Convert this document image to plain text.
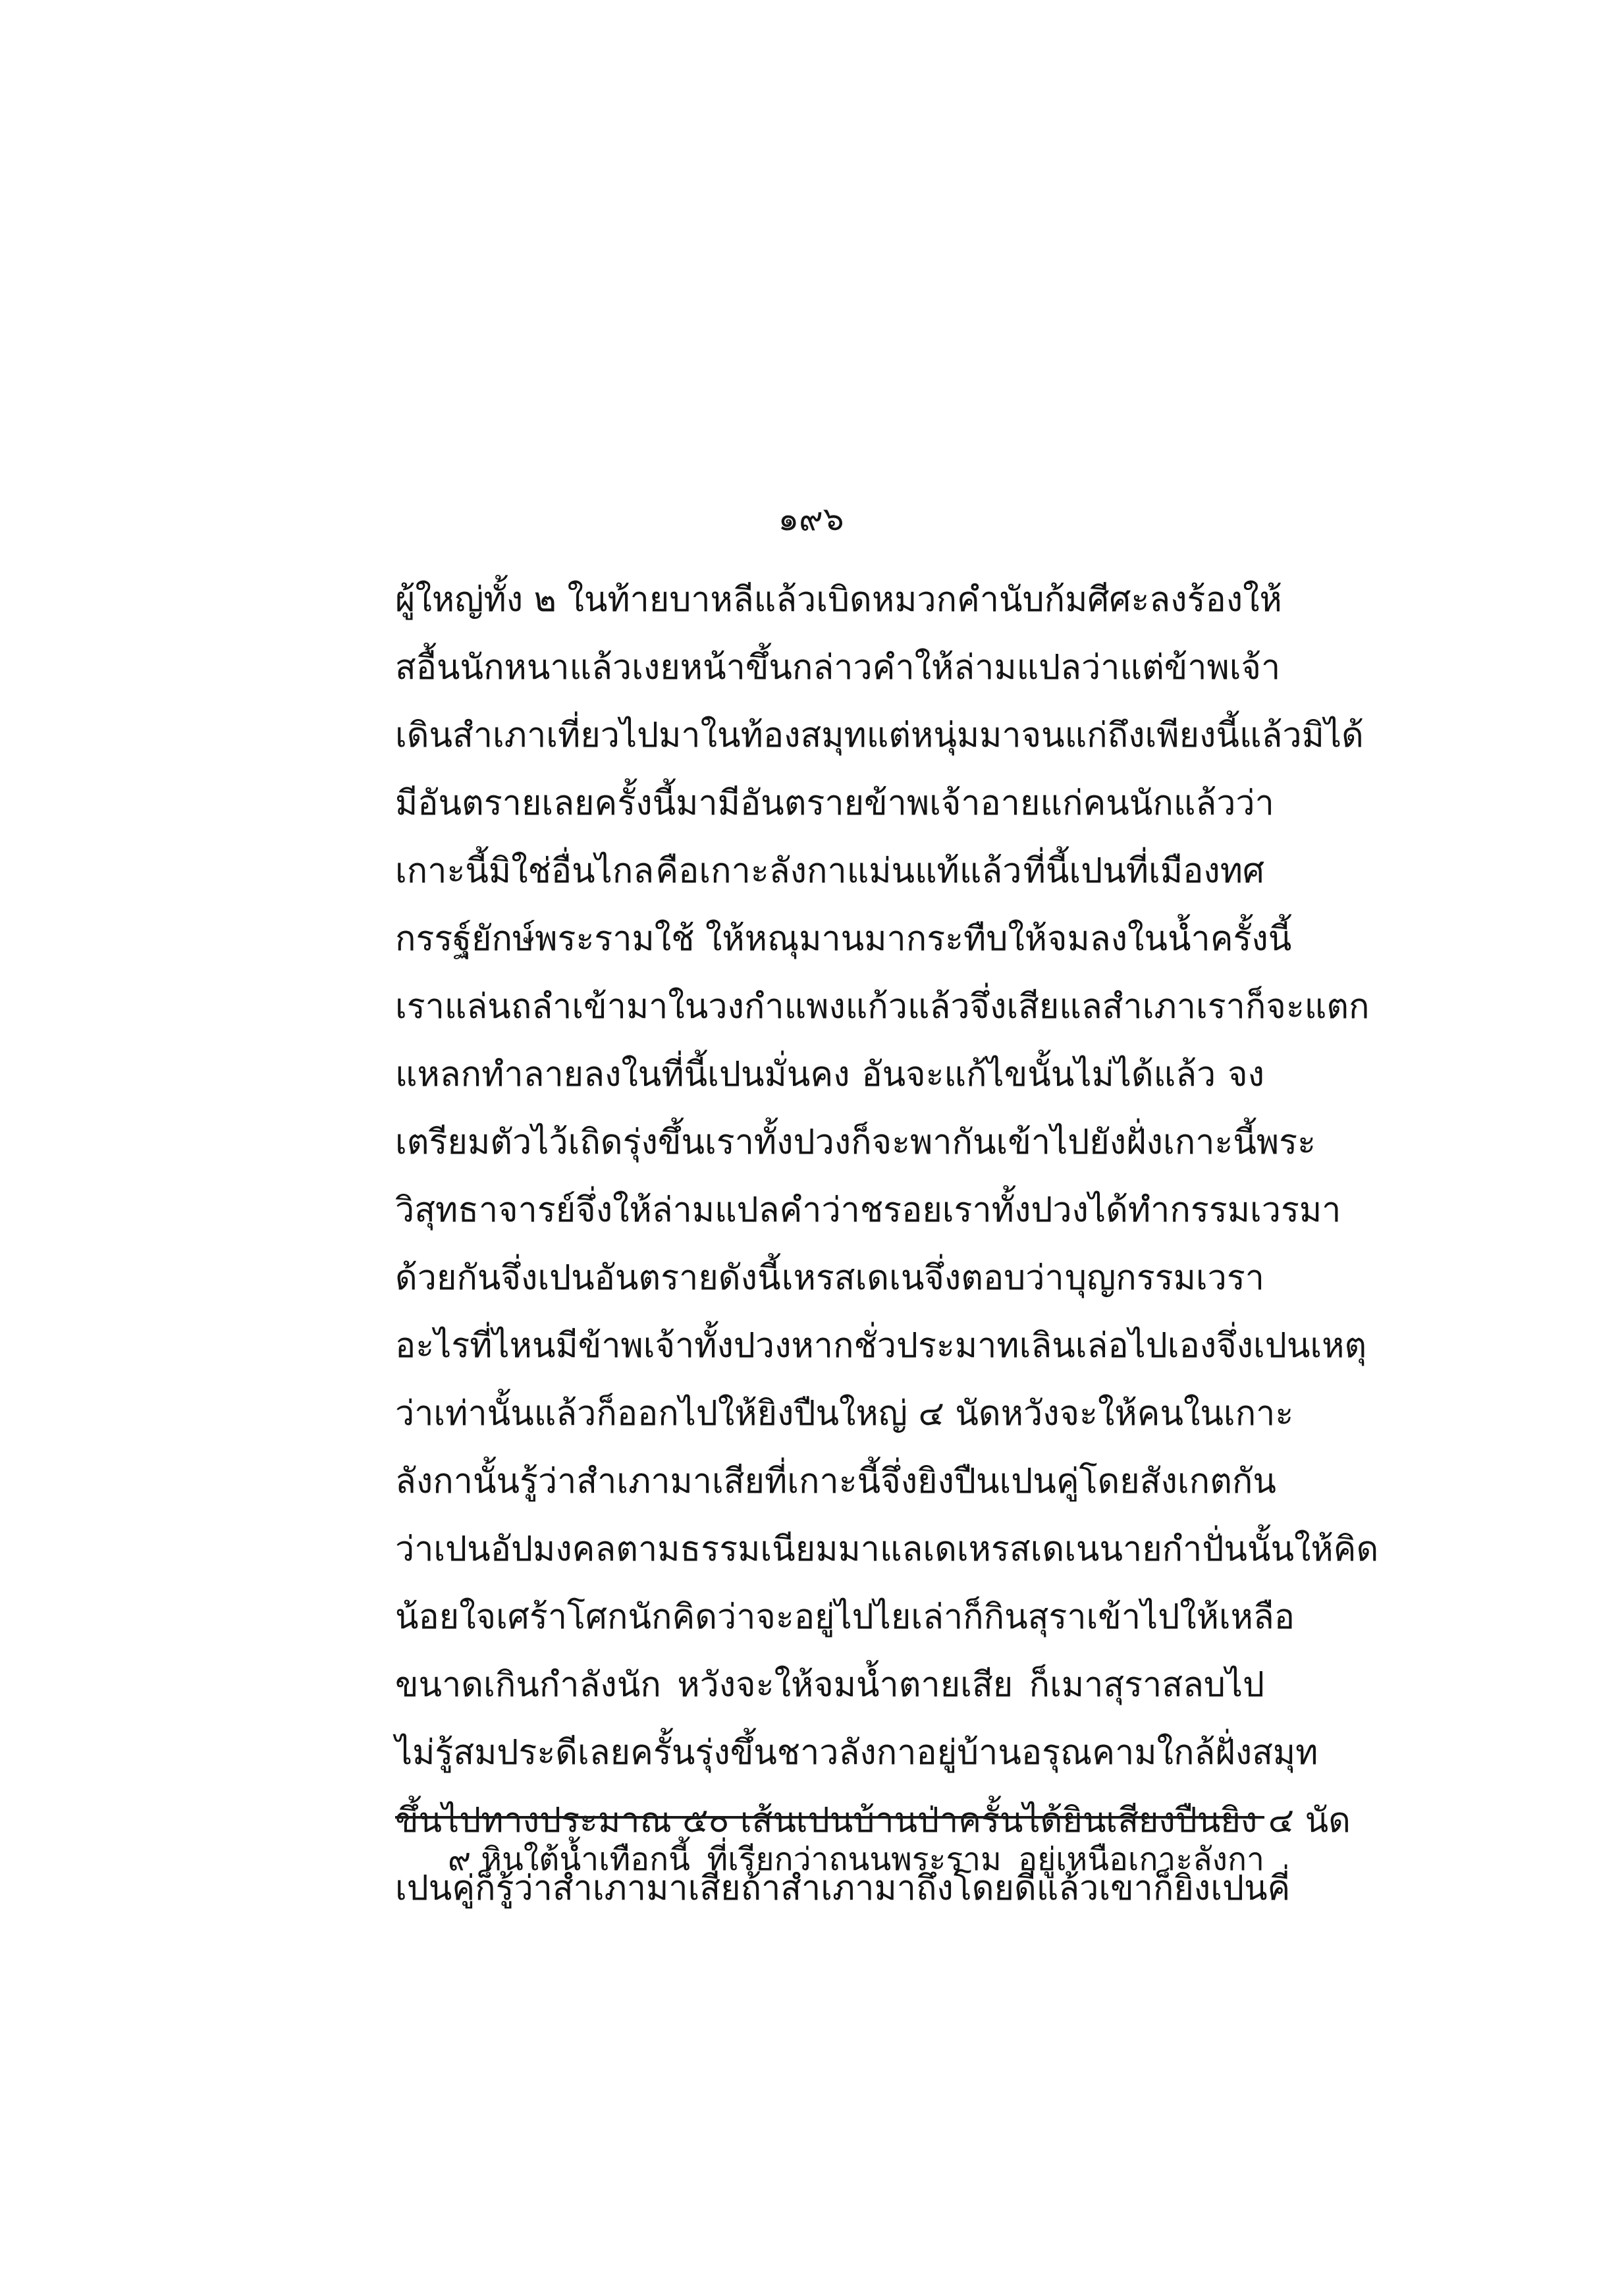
๑๙๖
ผู้ใหญ่ทั้ง ๒ ในท้ายบาหลีแล้ว เบิดหมวกคำนับก้มศีศะลงร้องให้
สอื้นนักหนา แล้วเงยหน้าขึ้นกล่าวคำให้ล่ามแปลว่า แต่ข้าพเจ้า
เดินสำเภาเที่ยวไปมาในท้องสมุทแต่หนุ่มมาจนแก่ถึงเพียงนี้แล้ว มิได้
มีอันตรายเลย ครั้งนี้มามีอันตรายข้าพเจ้าอายแก่คนนัก แล้วว่า
เกาะนี้มิใช่อื่นไกล คือเกาะลังกาแม่นแท้แล้ว ที่นี้เปนที่เมืองทศ
กรรฐ์ยักษ์ พระรามใช้ ให้หณุมานมากระทืบให้จมลงในน้ำครั้งนี้
เราแล่นถลำเข้ามาในวงกำแพงแก้วแล้วจึ่งเสีย แลสำเภาเราก็จะแตก
แหลกทำลายลงในที่นี้เปนมั่นคง อันจะแก้ไขนั้นไม่ได้แล้ว จง
เตรียมตัวไว้เถิด รุ่งขึ้นเราทั้งปวงก็จะพากันเข้าไปยังฝั่งเกาะนี้ พระ
วิสุทธาจารย์จึ่งให้ล่ามแปลคำว่า ชรอยเราทั้งปวงได้ทำกรรมเวรมา
ด้วยกันจึ่งเปนอันตรายดังนี้ เหรสเดเนจึ่งตอบว่า บุญกรรมเวรา
อะไรที่ไหนมี ข้าพเจ้าทั้งปวงหากชั่วประมาทเลินเล่อไปเองจึ่งเปนเหตุ
ว่าเท่านั้นแล้ว ก็ออกไปให้ยิงปืนใหญ่ ๔ นัด หวังจะให้คนในเกาะ
ลังกานั้นรู้ว่าสำเภามาเสียที่เกาะนี้ จึ่งยิงปืนเปนคู่ โดยสังเกตกัน
ว่าเปนอัปมงคลตามธรรมเนียมมา แลเดเหรสเดเนนายกำปั่นนั้นให้คิด
น้อยใจเศร้าโศกนัก คิดว่าจะอยู่ไปไยเล่า ก็กินสุราเข้าไปให้เหลือ
ขนาดเกินกำลังนัก หวังจะให้จมน้ำตายเสีย ก็เมาสุราสลบไป
ไม่รู้สมประดีเลย ครั้นรุ่งขึ้นชาวลังกาอยู่บ้านอรุณคามใกล้ฝั่งสมุท
ขึ้นไปทางประมาณ ๕๐ เส้นเปนบ้านป่า ครั้นได้ยินเสียงปืนยิง ๔ นัด
เปนคู่ ก็รู้ว่าสำเภามาเสีย ถ้าสำเภามาถึงโดยดีแล้วเขาก็ยิงเปนคี่
๙ หินใต้น้ำเทือกนี้ ที่เรียกว่าถนนพระราม อยู่เหนือเกาะลังกา
